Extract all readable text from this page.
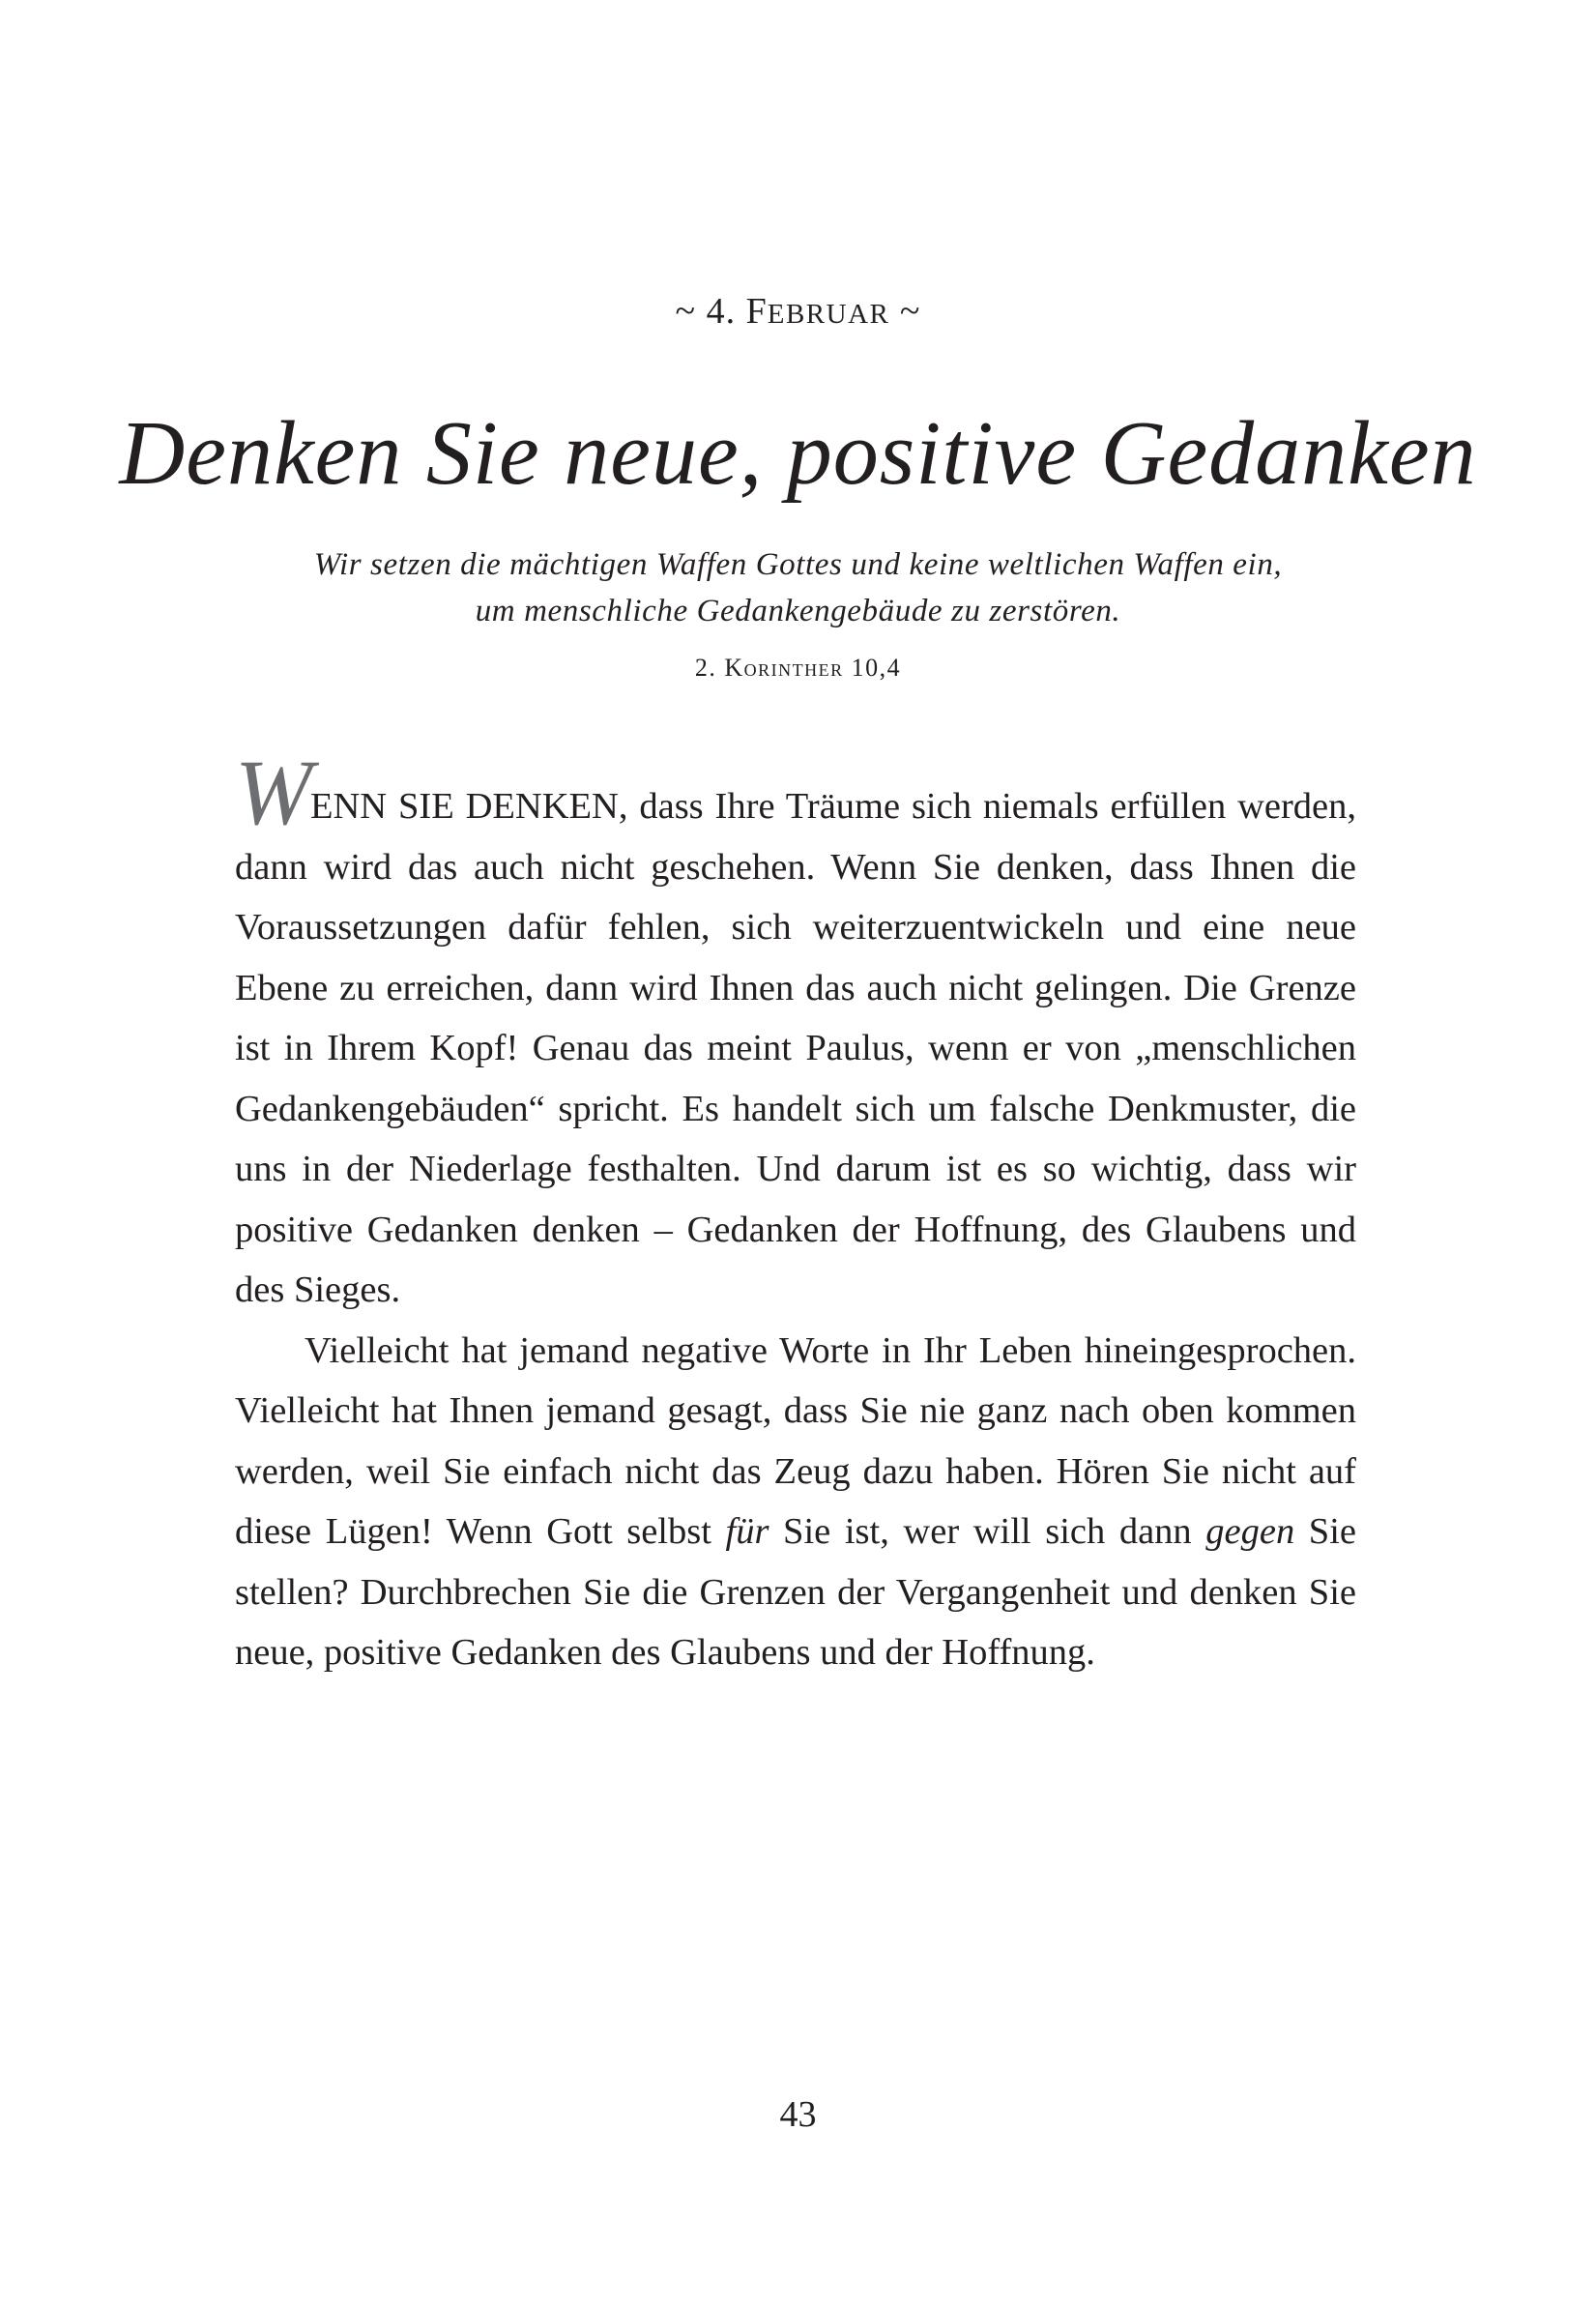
~ 4. FEBRUAR ~
Denken Sie neue, positive Gedanken
Wir setzen die mächtigen Waffen Gottes und keine weltlichen Waffen ein,
um menschliche Gedankengebäude zu zerstören.
2. Korinther 10,4

WENN SIE DENKEN, dass Ihre Träume sich niemals erfüllen werden, dann wird das auch nicht geschehen. Wenn Sie denken, dass Ihnen die Voraussetzungen dafür fehlen, sich weiterzuentwickeln und eine neue Ebene zu erreichen, dann wird Ihnen das auch nicht gelingen. Die Grenze ist in Ihrem Kopf! Genau das meint Paulus, wenn er von „menschlichen Gedankengebäuden“ spricht. Es handelt sich um falsche Denkmuster, die uns in der Niederlage festhalten. Und darum ist es so wichtig, dass wir positive Gedanken denken – Gedanken der Hoffnung, des Glaubens und des Sieges.

Vielleicht hat jemand negative Worte in Ihr Leben hineingesprochen. Vielleicht hat Ihnen jemand gesagt, dass Sie nie ganz nach oben kommen werden, weil Sie einfach nicht das Zeug dazu haben. Hören Sie nicht auf diese Lügen! Wenn Gott selbst für Sie ist, wer will sich dann gegen Sie stellen? Durchbrechen Sie die Grenzen der Vergangenheit und denken Sie neue, positive Gedanken des Glaubens und der Hoffnung.

43
